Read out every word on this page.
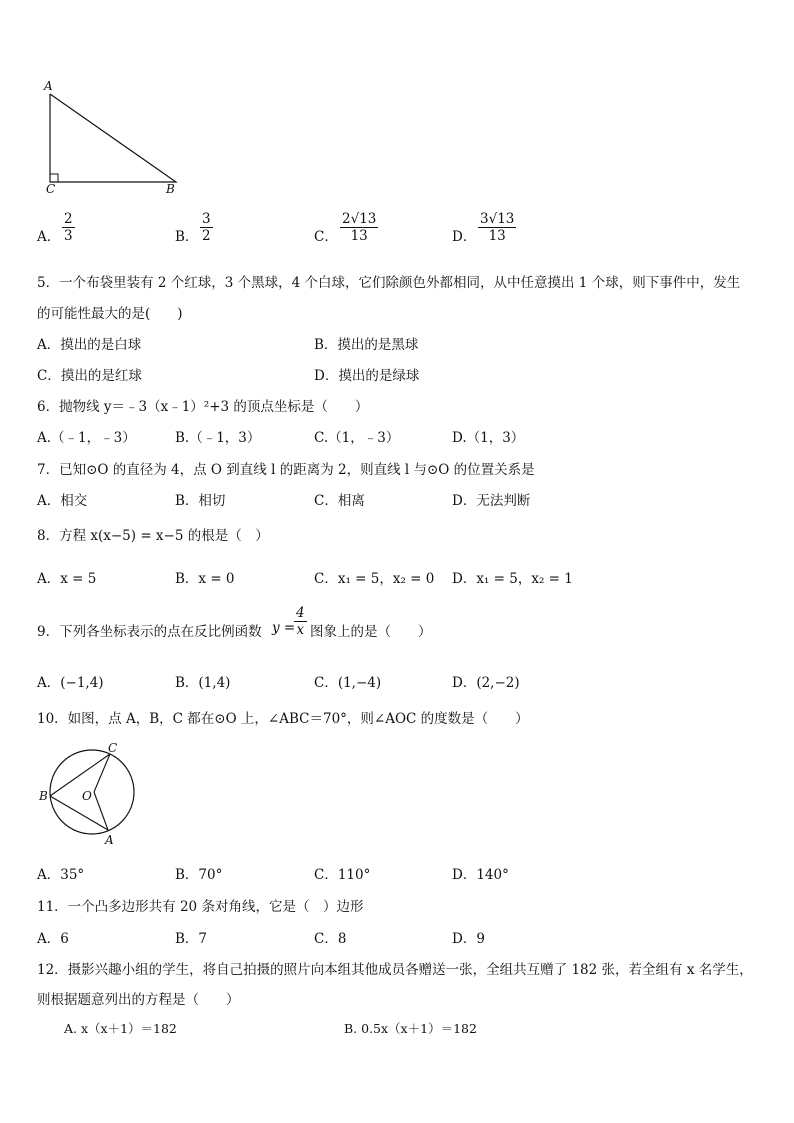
A
C	B
A． $\frac{2}{3}$	B． $\frac{3}{2}$	C． $\frac{2√13}{13}$	D． $\frac{3√13}{13}$
5．一个布袋里装有 2 个红球，3 个黑球，4 个白球，它们除颜色外都相同，从中任意摸出 1 个球，则下事件中，发生
的可能性最大的是(　　)
A．摸出的是白球	B．摸出的是黑球
C．摸出的是红球	D．摸出的是绿球
6．抛物线 y＝﹣3（x﹣1）²+3 的顶点坐标是（　　）
A.（﹣1，﹣3）	B.（﹣1，3）	C.（1，﹣3）	D.（1，3）
7．已知⊙O 的直径为 4，点 O 到直线 l 的距离为 2，则直线 l 与⊙O 的位置关系是
A．相交	B．相切	C．相离	D．无法判断
8．方程 x(x−5) = x−5 的根是（　）
A．x = 5	B．x = 0	C．x₁ = 5，x₂ = 0 D．x₁ = 5，x₂ = 1
9．下列各坐标表示的点在反比例函数 y =
$\frac{4}{x}$ 图象上的是（　　）
A．(−1,4)	B．(1,4)	C．(1,−4)	D．(2,−2)
10．如图，点 A，B，C 都在⊙O 上，∠ABC＝70°，则∠AOC 的度数是（　　）
C
B	O
A
A．35°	B．70°	C．110°	D．140°
11．一个凸多边形共有 20 条对角线，它是（　）边形
A．6	B．7	C．8	D．9
12．摄影兴趣小组的学生，将自己拍摄的照片向本组其他成员各赠送一张，全组共互赠了 182 张，若全组有 x 名学生，
则根据题意列出的方程是（　　）
A. x（x＋1）＝182	B. 0.5x（x＋1）＝182
